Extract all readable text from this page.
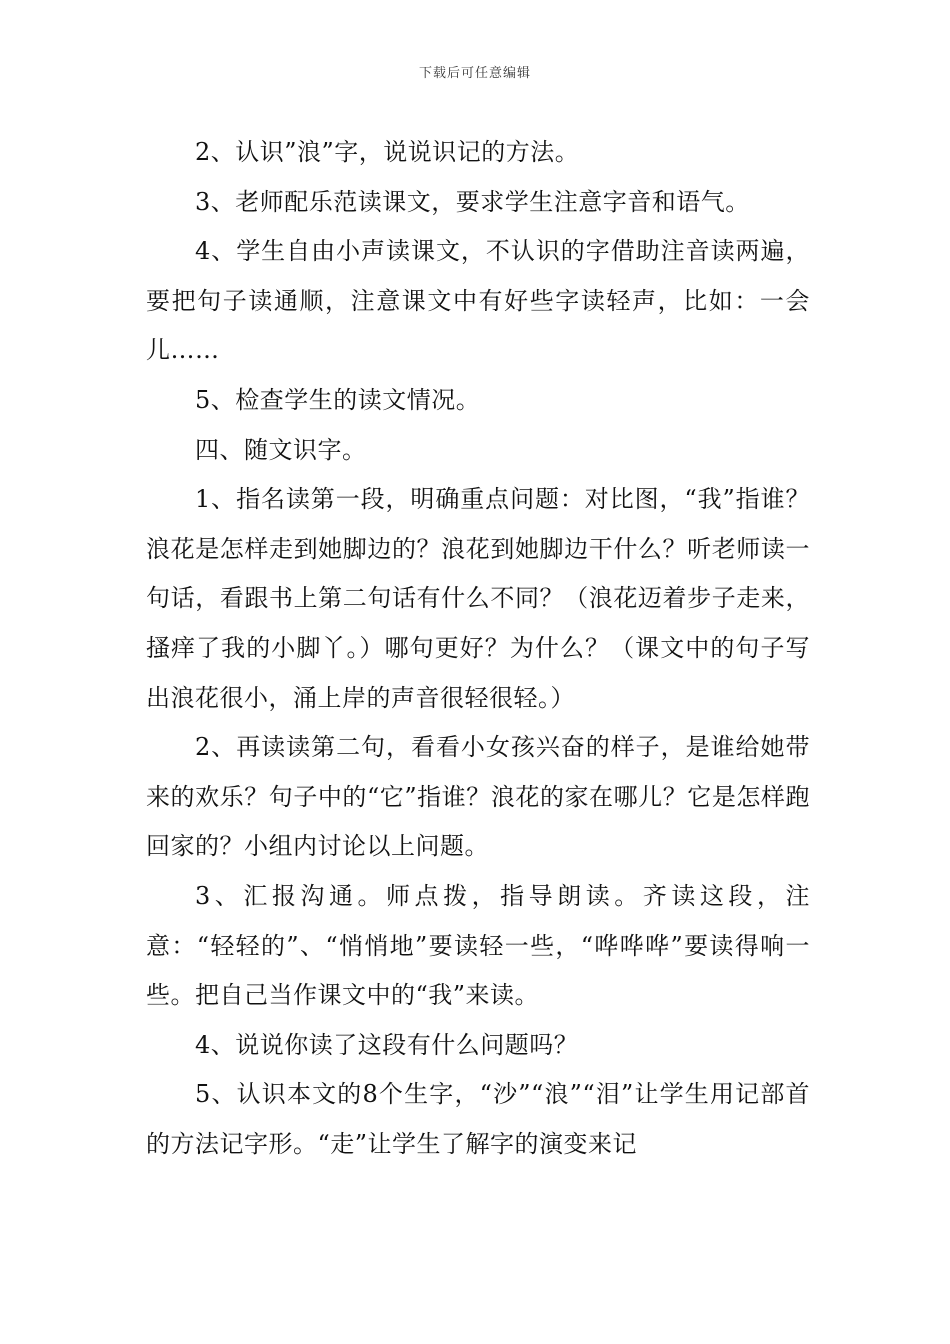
下载后可任意编辑

2、认识”浪”字，说说识记的方法。

3、老师配乐范读课文，要求学生注意字音和语气。

4、学生自由小声读课文，不认识的字借助注音读两遍，要把句子读通顺，注意课文中有好些字读轻声，比如：一会儿……

5、检查学生的读文情况。

四、随文识字。

1、指名读第一段，明确重点问题：对比图，“我”指谁？浪花是怎样走到她脚边的？浪花到她脚边干什么？听老师读一句话，看跟书上第二句话有什么不同？（浪花迈着步子走来，搔痒了我的小脚丫。）哪句更好？为什么？（课文中的句子写出浪花很小，涌上岸的声音很轻很轻。）

2、再读读第二句，看看小女孩兴奋的样子，是谁给她带来的欢乐？句子中的“它”指谁？浪花的家在哪儿？它是怎样跑回家的？小组内讨论以上问题。

3、汇报沟通。师点拨，指导朗读。齐读这段，注意：“轻轻的”、“悄悄地”要读轻一些，“哗哗哗”要读得响一些。把自己当作课文中的“我”来读。

4、说说你读了这段有什么问题吗？

5、认识本文的8个生字，“沙”“浪”“泪”让学生用记部首的方法记字形。“走”让学生了解字的演变来记
